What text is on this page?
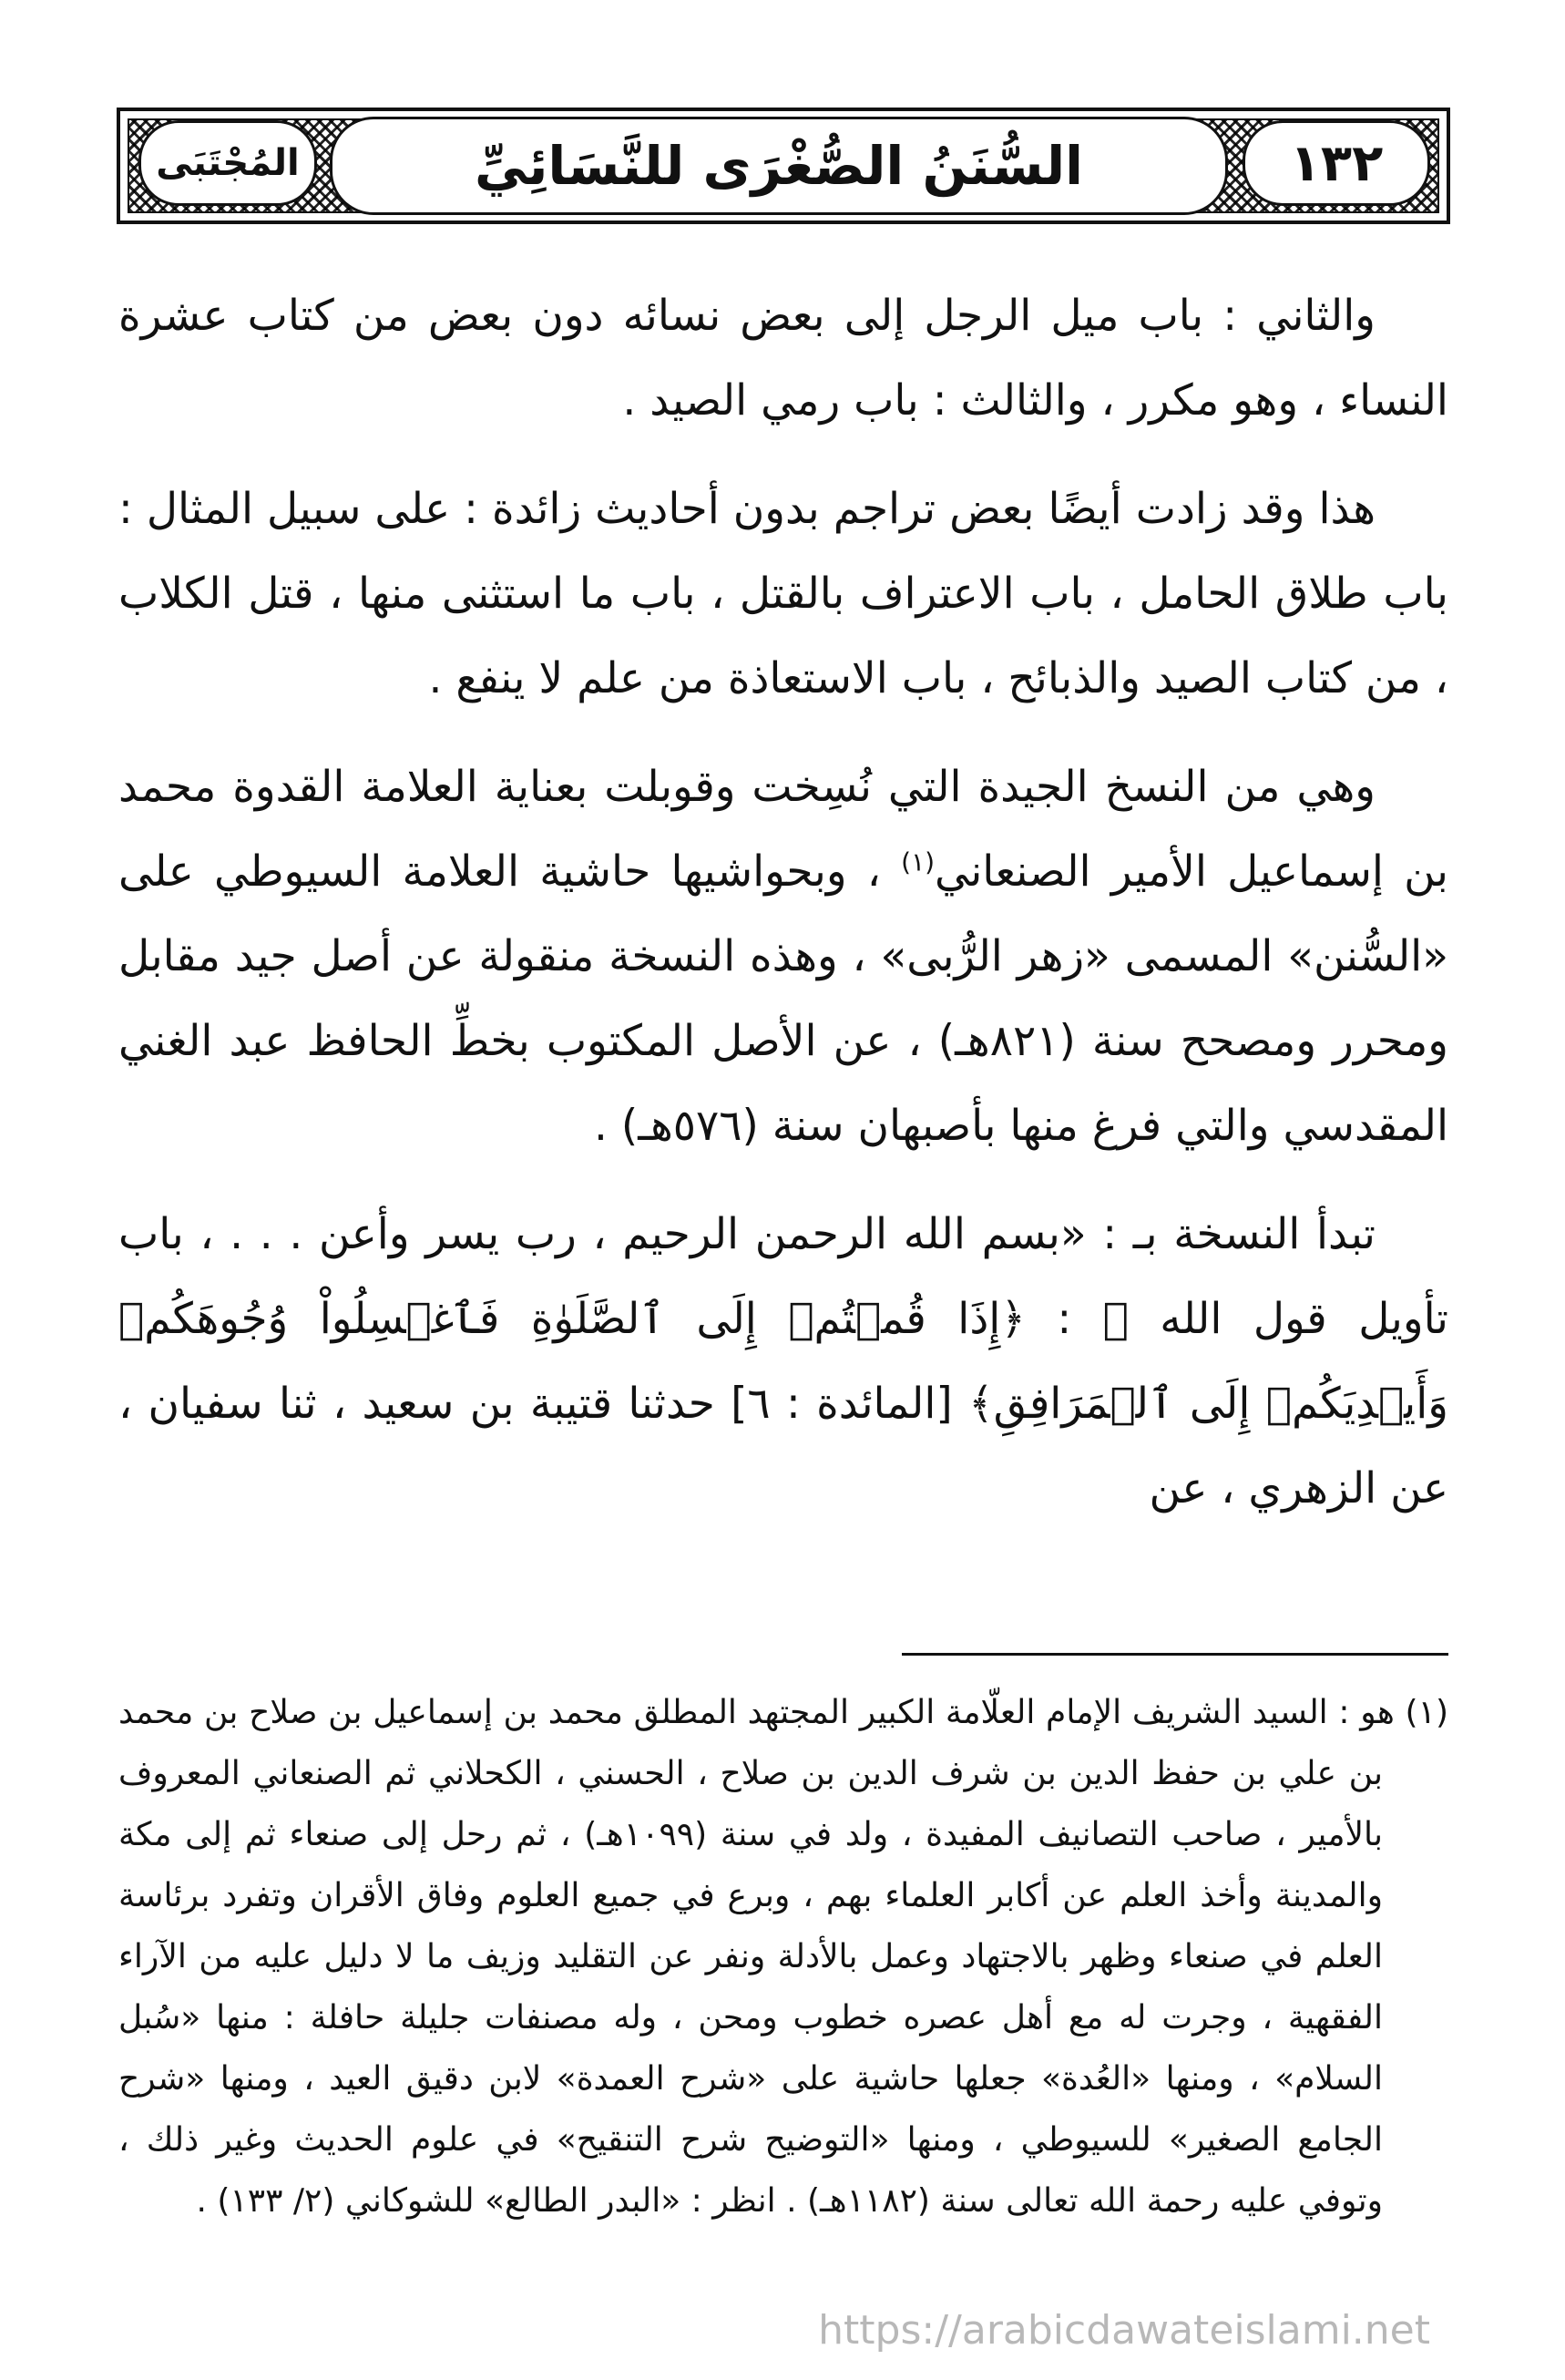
المُجْتَبَى	السُّنَنُ الصُّغْرَى للنَّسَائِيِّ	١٣٢

والثاني : باب ميل الرجل إلى بعض نسائه دون بعض من كتاب عشرة النساء ، وهو مكرر ، والثالث : باب رمي الصيد .

هذا وقد زادت أيضًا بعض تراجم بدون أحاديث زائدة : على سبيل المثال : باب طلاق الحامل ، باب الاعتراف بالقتل ، باب ما استثنى منها ، قتل الكلاب ، من كتاب الصيد والذبائح ، باب الاستعاذة من علم لا ينفع .

وهي من النسخ الجيدة التي نُسِخت وقوبلت بعناية العلامة القدوة محمد بن إسماعيل الأمير الصنعاني$^{(١)}$ ، وبحواشيها حاشية العلامة السيوطي على «السُّنن» المسمى «زهر الرُّبى» ، وهذه النسخة منقولة عن أصل جيد مقابل ومحرر ومصحح سنة (٨٢١هـ) ، عن الأصل المكتوب بخطِّ الحافظ عبد الغني المقدسي والتي فرغ منها بأصبهان سنة (٥٧٦هـ) .

تبدأ النسخة بـ : «بسم الله الرحمن الرحيم ، رب يسر وأعن . . . ، باب تأويل قول الله ﷻ : ﴿إِذَا قُمۡتُمۡ إِلَى ٱلصَّلَوٰةِ فَٱغۡسِلُواْ وُجُوهَكُمۡ وَأَيۡدِيَكُمۡ إِلَى ٱلۡمَرَافِقِ﴾ [المائدة : ٦] حدثنا قتيبة بن سعيد ، ثنا سفيان ، عن الزهري ، عن

(١) هو : السيد الشريف الإمام العلّامة الكبير المجتهد المطلق محمد بن إسماعيل بن صلاح بن محمد بن علي بن حفظ الدين بن شرف الدين بن صلاح ، الحسني ، الكحلاني ثم الصنعاني المعروف بالأمير ، صاحب التصانيف المفيدة ، ولد في سنة (١٠٩٩هـ) ، ثم رحل إلى صنعاء ثم إلى مكة والمدينة وأخذ العلم عن أكابر العلماء بهم ، وبرع في جميع العلوم وفاق الأقران وتفرد برئاسة العلم في صنعاء وظهر بالاجتهاد وعمل بالأدلة ونفر عن التقليد وزيف ما لا دليل عليه من الآراء الفقهية ، وجرت له مع أهل عصره خطوب ومحن ، وله مصنفات جليلة حافلة : منها «سُبل السلام» ، ومنها «العُدة» جعلها حاشية على «شرح العمدة» لابن دقيق العيد ، ومنها «شرح الجامع الصغير» للسيوطي ، ومنها «التوضيح شرح التنقيح» في علوم الحديث وغير ذلك ، وتوفي عليه رحمة الله تعالى سنة (١١٨٢هـ) . انظر : «البدر الطالع» للشوكاني (٢/ ١٣٣) .

https://arabicdawateislami.net
